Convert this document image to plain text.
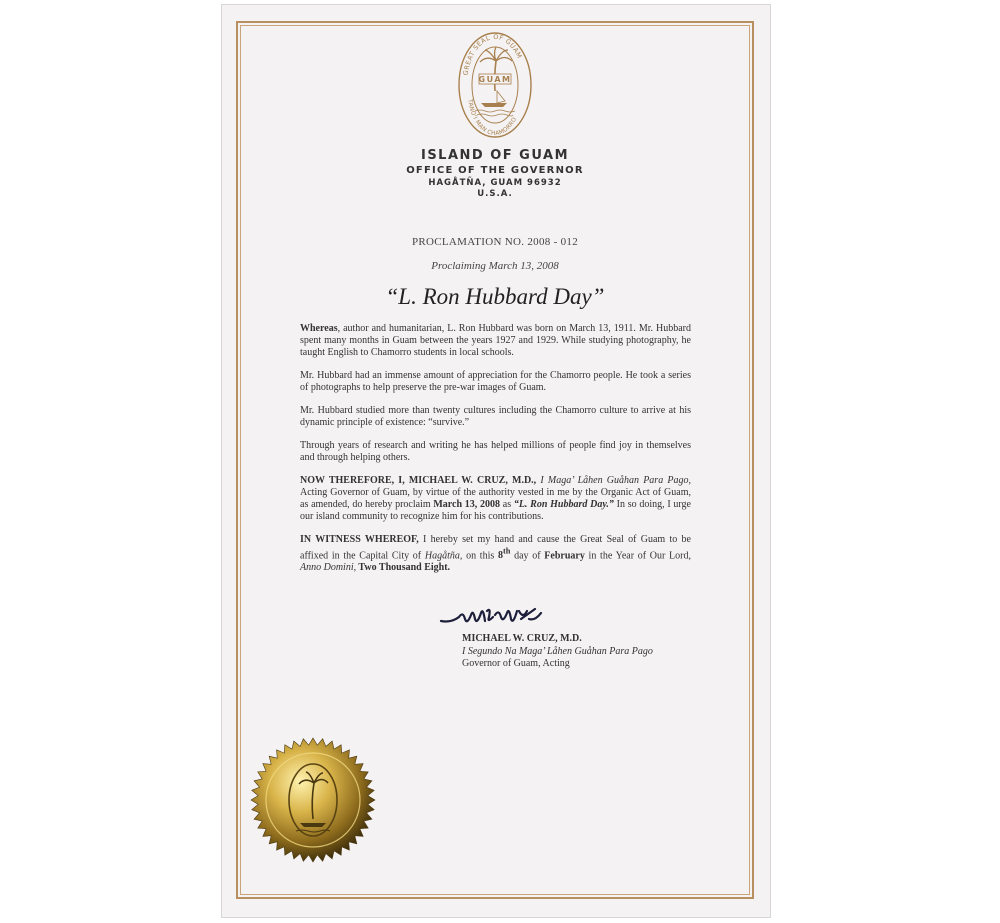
GREAT SEAL OF GUAM
TANO'I MAN CHAMORRO
GUAM
ISLAND OF GUAM
OFFICE OF THE GOVERNOR
HAGÅTÑA, GUAM 96932
U.S.A.
PROCLAMATION NO. 2008 - 012
Proclaiming March 13, 2008
“L. Ron Hubbard Day”

Whereas, author and humanitarian, L. Ron Hubbard was born on March 13, 1911. Mr. Hubbard spent many months in Guam between the years 1927 and 1929. While studying photography, he taught English to Chamorro students in local schools.

Mr. Hubbard had an immense amount of appreciation for the Chamorro people. He took a series of photographs to help preserve the pre-war images of Guam.

Mr. Hubbard studied more than twenty cultures including the Chamorro culture to arrive at his dynamic principle of existence: “survive.”

Through years of research and writing he has helped millions of people find joy in themselves and through helping others.

NOW THEREFORE, I, MICHAEL W. CRUZ, M.D., I Maga’ Låhen Guåhan Para Pago, Acting Governor of Guam, by virtue of the authority vested in me by the Organic Act of Guam, as amended, do hereby proclaim March 13, 2008 as “L. Ron Hubbard Day.” In so doing, I urge our island community to recognize him for his contributions.

IN WITNESS WHEREOF, I hereby set my hand and cause the Great Seal of Guam to be affixed in the Capital City of Hagåtña, on this 8th day of February in the Year of Our Lord, Anno Domini, Two Thousand Eight.

MICHAEL W. CRUZ, M.D.
I Segundo Na Maga’ Låhen Guåhan Para Pago
Governor of Guam, Acting
